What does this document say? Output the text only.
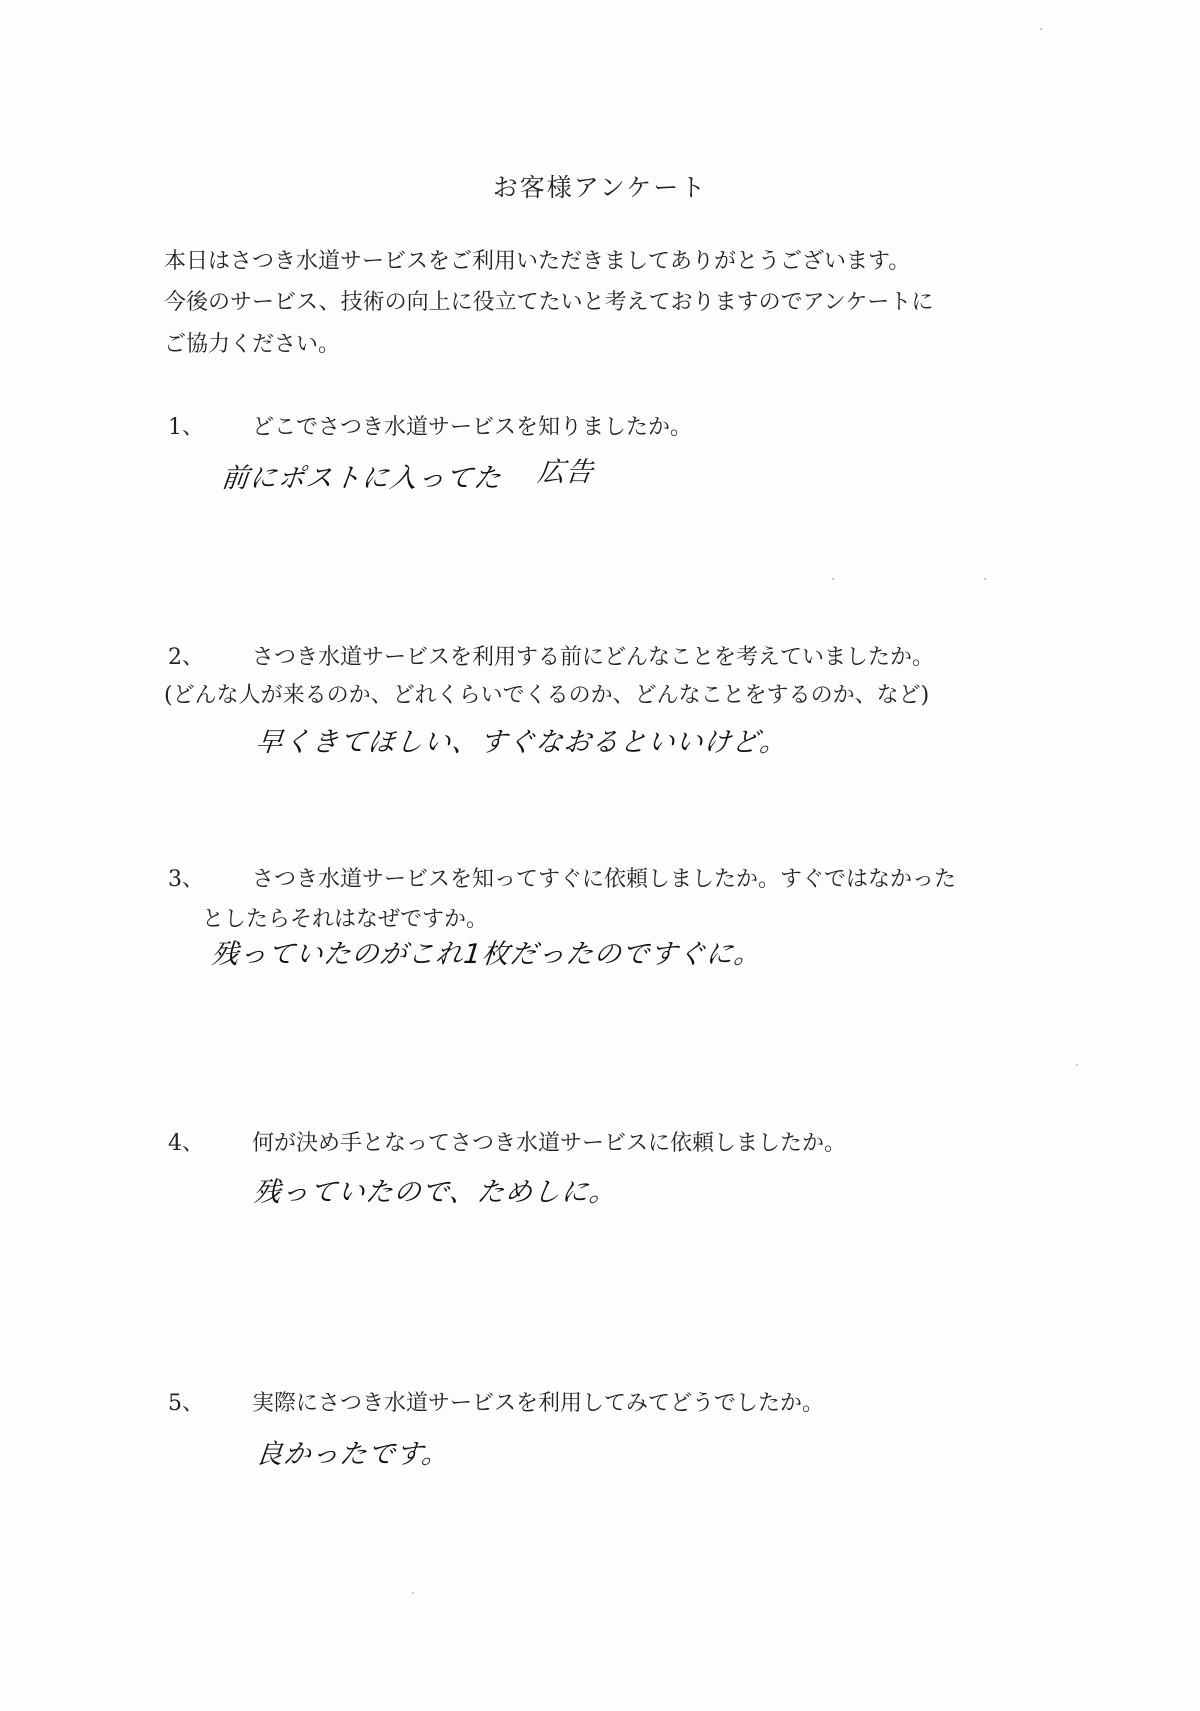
お客様アンケート
本日はさつき水道サービスをご利用いただきましてありがとうございます。
今後のサービス、技術の向上に役立てたいと考えておりますのでアンケートに
ご協力ください。
1、 どこでさつき水道サービスを知りましたか。
前にポストに入ってた 広告
2、 さつき水道サービスを利用する前にどんなことを考えていましたか。
(どんな人が来るのか、どれくらいでくるのか、どんなことをするのか、など)
早くきてほしい、すぐなおるといいけど。
3、 さつき水道サービスを知ってすぐに依頼しましたか。すぐではなかった
としたらそれはなぜですか。
残っていたのがこれ1枚だったのですぐに。
4、 何が決め手となってさつき水道サービスに依頼しましたか。
残っていたので、ためしに。
5、 実際にさつき水道サービスを利用してみてどうでしたか。
良かったです。
